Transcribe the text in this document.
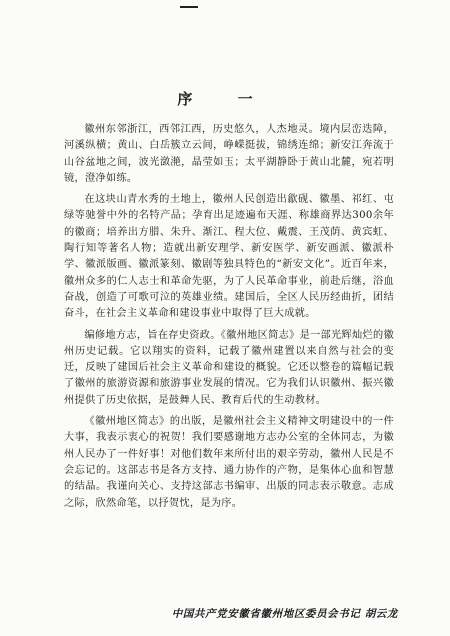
序 一

徽州东邻浙江，西邻江西，历史悠久，人杰地灵。境内层峦迭障，河溪纵横；黄山、白岳簇立云间，峥嵘挺拔，锦绣连绵；新安江奔流于山谷盆地之间，波光潋滟，晶莹如玉；太平湖静卧于黄山北麓，宛若明镜，澄净如练。

在这块山青水秀的土地上，徽州人民创造出歙砚、徽墨、祁红、屯绿等驰誉中外的名特产品；孕育出足迹遍布天涯、称雄商界达300余年的徽商；培养出方腊、朱升、渐江、程大位、戴震、王茂荫、黄宾虹、陶行知等著名人物；造就出新安理学、新安医学、新安画派、徽派朴学、徽派版画、徽派篆刻、徽剧等独具特色的“新安文化”。近百年来，徽州众多的仁人志士和革命先驱，为了人民革命事业，前赴后继，浴血奋战，创造了可歌可泣的英雄业绩。建国后，全区人民历经曲折，团结奋斗，在社会主义革命和建设事业中取得了巨大成就。

编修地方志，旨在存史资政。《徽州地区简志》是一部光辉灿烂的徽州历史记载。它以翔实的资料，记载了徽州建置以来自然与社会的变迁，反映了建国后社会主义革命和建设的概貌。它还以整卷的篇幅记载了徽州的旅游资源和旅游事业发展的情况。它为我们认识徽州、振兴徽州提供了历史依据，是鼓舞人民、教育后代的生动教材。

《徽州地区简志》的出版，是徽州社会主义精神文明建设中的一件大事，我表示衷心的祝贺！我们要感谢地方志办公室的全体同志，为徽州人民办了一件好事！对他们数年来所付出的艰辛劳动，徽州人民是不会忘记的。这部志书是各方支持、通力协作的产物，是集体心血和智慧的结晶。我谨向关心、支持这部志书编审、出版的同志表示敬意。志成之际，欣然命笔，以抒贺忱，是为序。

中国共产党安徽省徽州地区委员会书记 胡云龙
